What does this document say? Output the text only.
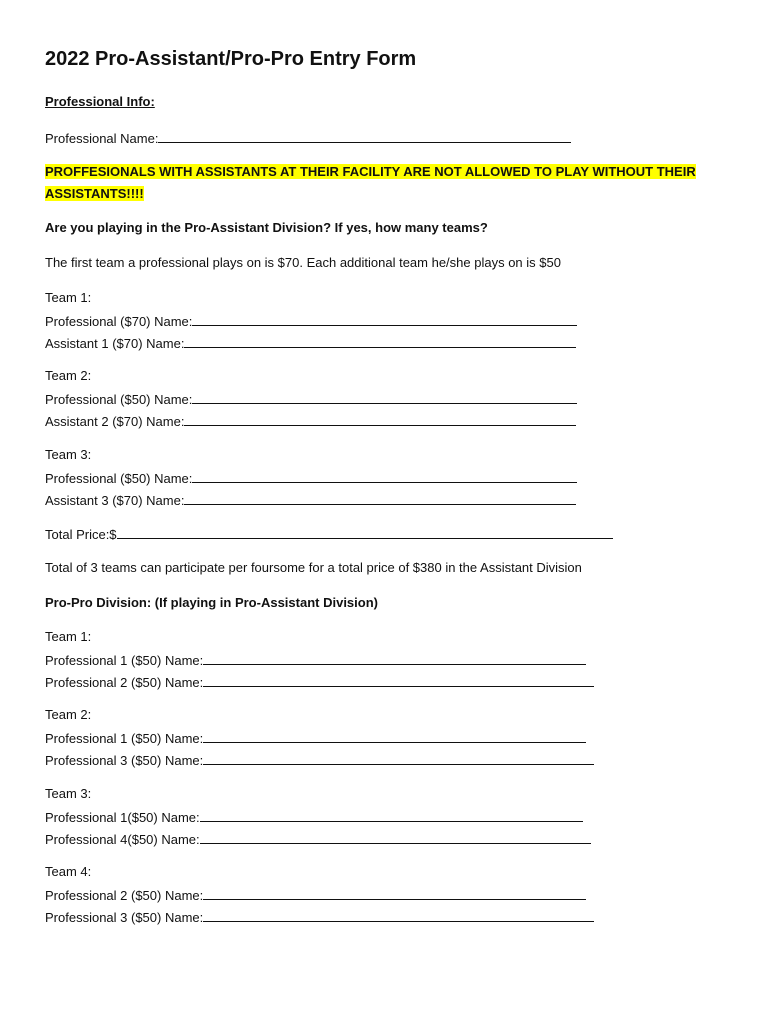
2022 Pro-Assistant/Pro-Pro Entry Form
Professional Info:
Professional Name:
PROFFESIONALS WITH ASSISTANTS AT THEIR FACILITY ARE NOT ALLOWED TO PLAY WITHOUT THEIR
ASSISTANTS!!!!
Are you playing in the Pro-Assistant Division? If yes, how many teams?
The first team a professional plays on is $70. Each additional team he/she plays on is $50
Team 1:
Professional ($70) Name:
Assistant 1 ($70) Name:
Team 2:
Professional ($50) Name:
Assistant 2 ($70) Name:
Team 3:
Professional ($50) Name:
Assistant 3 ($70) Name:
Total Price:$
Total of 3 teams can participate per foursome for a total price of $380 in the Assistant Division
Pro-Pro Division: (If playing in Pro-Assistant Division)
Team 1:
Professional 1 ($50) Name:
Professional 2 ($50) Name:
Team 2:
Professional 1 ($50) Name:
Professional 3 ($50) Name:
Team 3:
Professional 1($50) Name:
Professional 4($50) Name:
Team 4:
Professional 2 ($50) Name:
Professional 3 ($50) Name:
